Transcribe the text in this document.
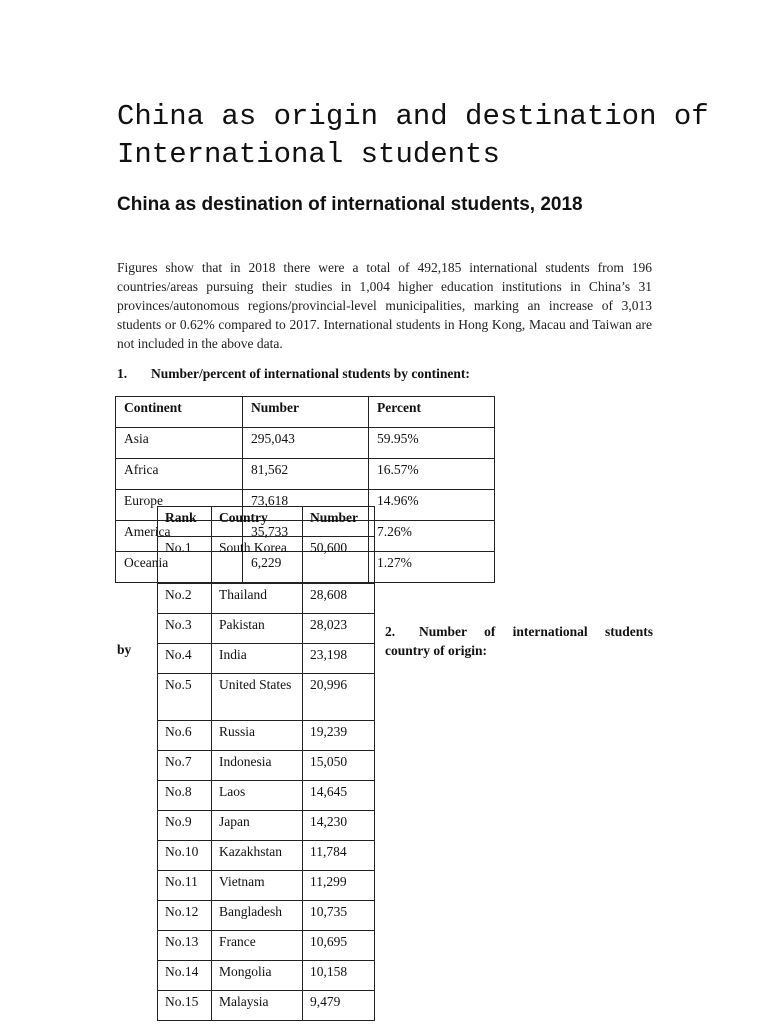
China as origin and destination of International students
China as destination of international students, 2018
Figures show that in 2018 there were a total of 492,185 international students from 196 countries/areas pursuing their studies in 1,004 higher education institutions in China’s 31 provinces/autonomous regions/provincial-level municipalities, marking an increase of 3,013 students or 0.62% compared to 2017. International students in Hong Kong, Macau and Taiwan are not included in the above data.
1. Number/percent of international students by continent:
Continent	Number	Percent
Asia	295,043	59.95%
Africa	81,562	16.57%
Europe	73,618	14.96%
America	35,733	7.26%
Oceania	6,229	1.27%
2. Number of international students country of origin:
by
Rank	Country	Number
No.1	South Korea	50,600
No.2	Thailand	28,608
No.3	Pakistan	28,023
No.4	India	23,198
No.5	United States	20,996
No.6	Russia	19,239
No.7	Indonesia	15,050
No.8	Laos	14,645
No.9	Japan	14,230
No.10	Kazakhstan	11,784
No.11	Vietnam	11,299
No.12	Bangladesh	10,735
No.13	France	10,695
No.14	Mongolia	10,158
No.15	Malaysia	9,479
